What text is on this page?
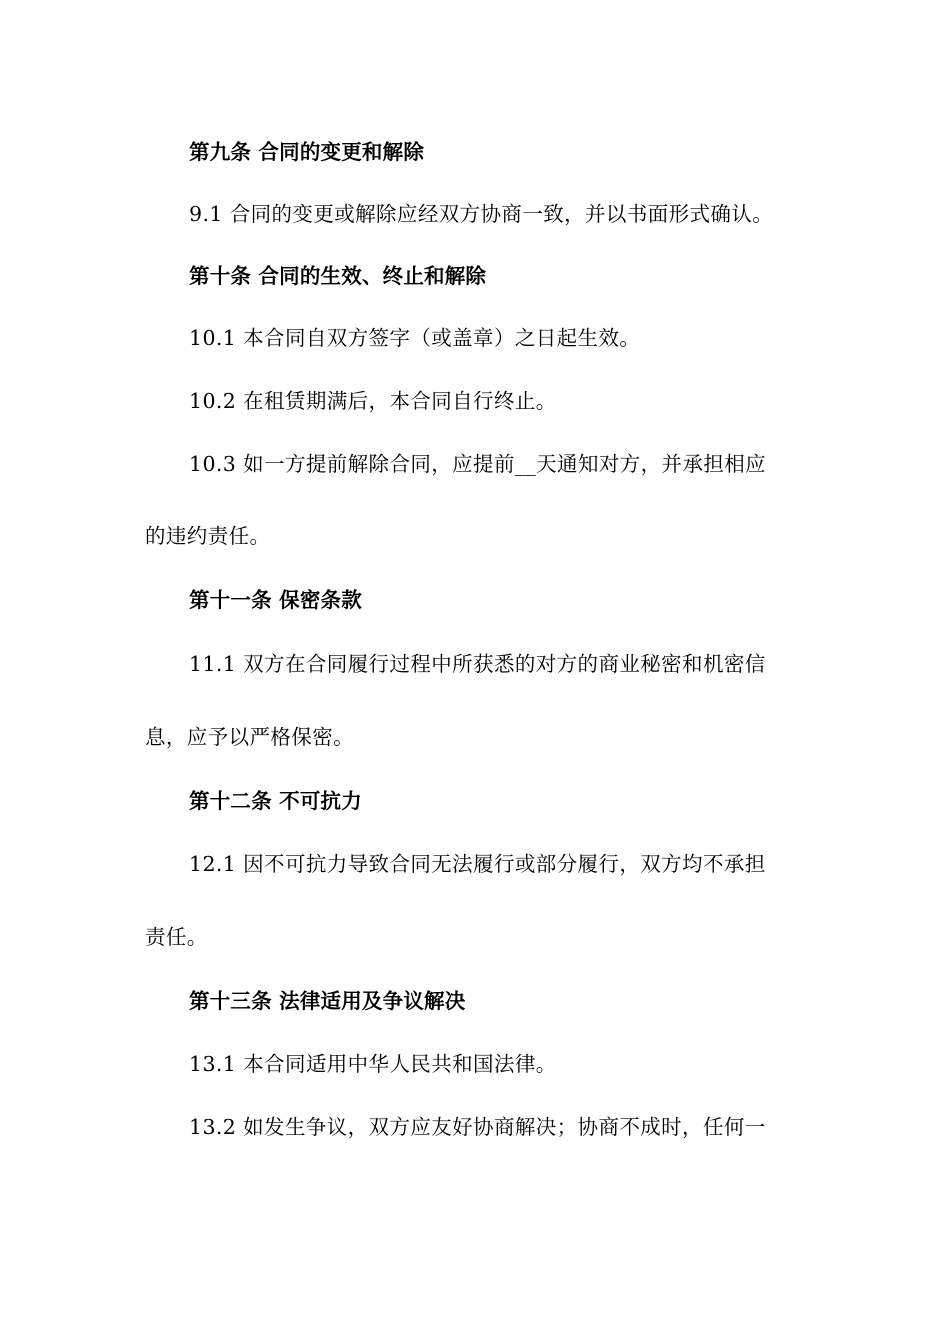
第九条 合同的变更和解除
9.1 合同的变更或解除应经双方协商一致，并以书面形式确认。
第十条 合同的生效、终止和解除
10.1 本合同自双方签字（或盖章）之日起生效。
10.2 在租赁期满后，本合同自行终止。
10.3 如一方提前解除合同，应提前__天通知对方，并承担相应
的违约责任。
第十一条 保密条款
11.1 双方在合同履行过程中所获悉的对方的商业秘密和机密信
息，应予以严格保密。
第十二条 不可抗力
12.1 因不可抗力导致合同无法履行或部分履行，双方均不承担
责任。
第十三条 法律适用及争议解决
13.1 本合同适用中华人民共和国法律。
13.2 如发生争议，双方应友好协商解决；协商不成时，任何一
